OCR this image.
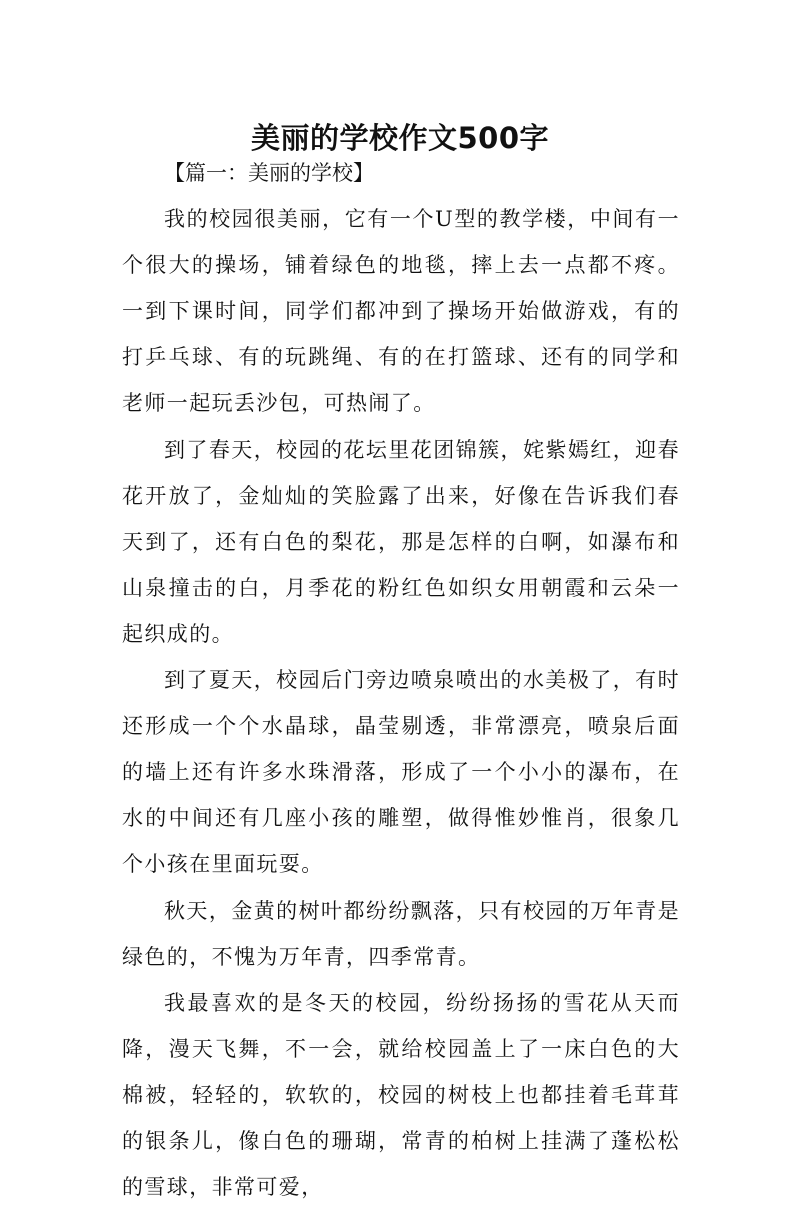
美丽的学校作文500字

【篇一：美丽的学校】

我的校园很美丽，它有一个U型的教学楼，中间有一个很大的操场，铺着绿色的地毯，摔上去一点都不疼。一到下课时间，同学们都冲到了操场开始做游戏，有的打乒乓球、有的玩跳绳、有的在打篮球、还有的同学和老师一起玩丢沙包，可热闹了。

到了春天，校园的花坛里花团锦簇，姹紫嫣红，迎春花开放了，金灿灿的笑脸露了出来，好像在告诉我们春天到了，还有白色的梨花，那是怎样的白啊，如瀑布和山泉撞击的白，月季花的粉红色如织女用朝霞和云朵一起织成的。

到了夏天，校园后门旁边喷泉喷出的水美极了，有时还形成一个个水晶球，晶莹剔透，非常漂亮，喷泉后面的墙上还有许多水珠滑落，形成了一个小小的瀑布，在水的中间还有几座小孩的雕塑，做得惟妙惟肖，很象几个小孩在里面玩耍。

秋天，金黄的树叶都纷纷飘落，只有校园的万年青是绿色的，不愧为万年青，四季常青。

我最喜欢的是冬天的校园，纷纷扬扬的雪花从天而降，漫天飞舞，不一会，就给校园盖上了一床白色的大棉被，轻轻的，软软的，校园的树枝上也都挂着毛茸茸的银条儿，像白色的珊瑚，常青的柏树上挂满了蓬松松的雪球，非常可爱，
